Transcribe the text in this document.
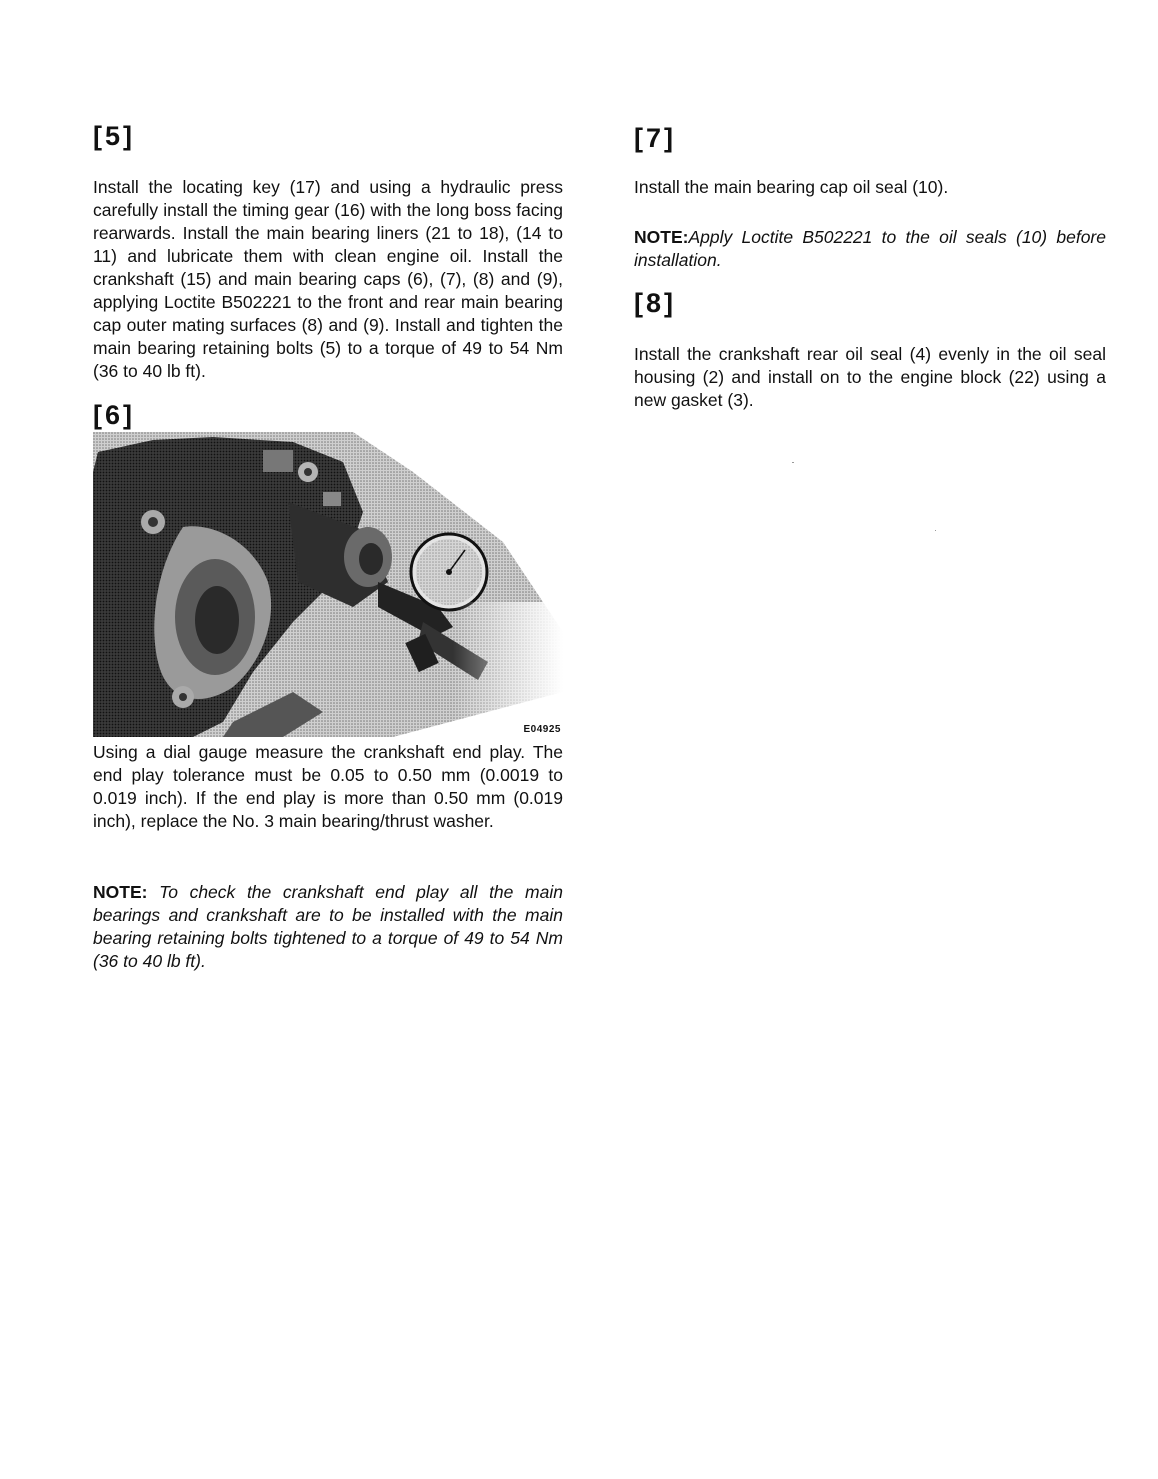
[5]

Install the locating key (17) and using a hydraulic press carefully install the timing gear (16) with the long boss facing rearwards. Install the main bearing liners (21 to 18), (14 to 11) and lubricate them with clean engine oil. Install the crankshaft (15) and main bearing caps (6), (7), (8) and (9), applying Loctite B502221 to the front and rear main bearing cap outer mating surfaces (8) and (9). Install and tighten the main bearing retaining bolts (5) to a torque of 49 to 54 Nm (36 to 40 lb ft).

[6]
E04925

Using a dial gauge measure the crankshaft end play. The end play tolerance must be 0.05 to 0.50 mm (0.0019 to 0.019 inch). If the end play is more than 0.50 mm (0.019 inch), replace the No. 3 main bearing/thrust washer.

NOTE: To check the crankshaft end play all the main bearings and crankshaft are to be installed with the main bearing retaining bolts tightened to a torque of 49 to 54 Nm (36 to 40 lb ft).

[7]

Install the main bearing cap oil seal (10).

NOTE:Apply Loctite B502221 to the oil seals (10) before installation.

[8]

Install the crankshaft rear oil seal (4) evenly in the oil seal housing (2) and install on to the engine block (22) using a new gasket (3).
